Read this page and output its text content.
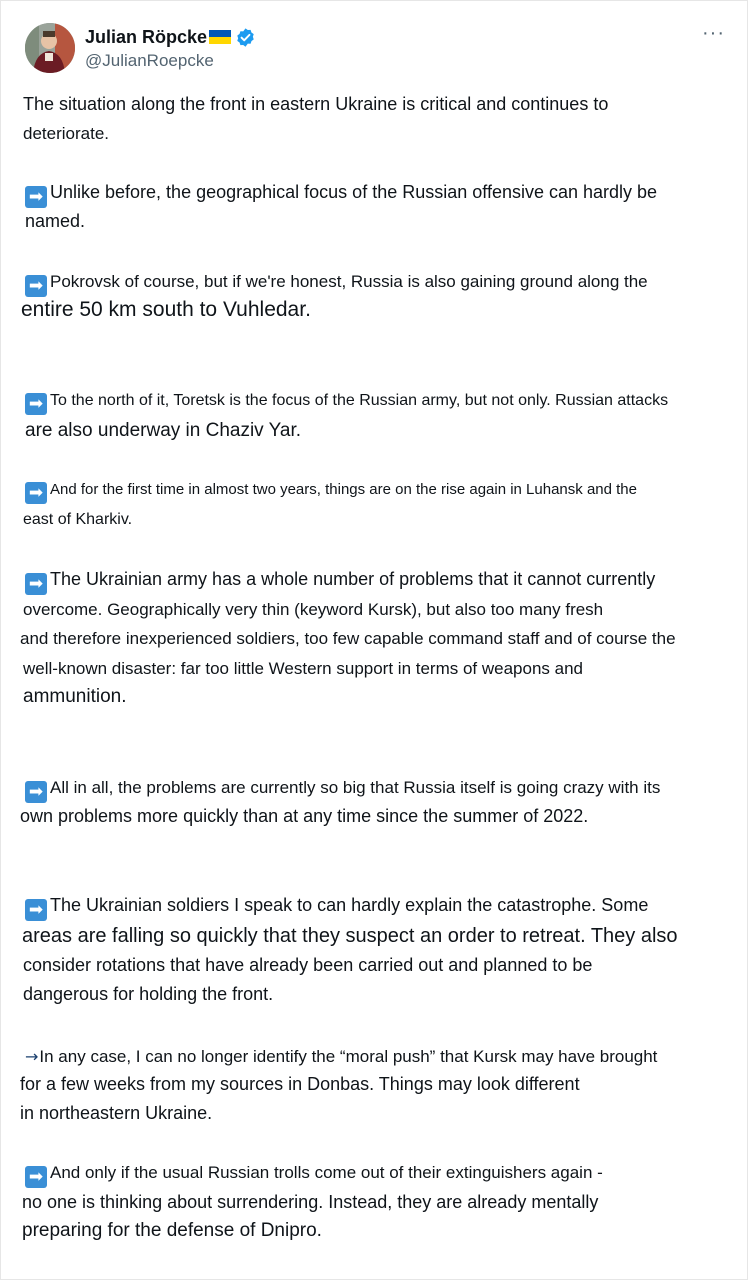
Julian Röpcke
@JulianRoepcke
···
The situation along the front in eastern Ukraine is critical and continues to
deteriorate.
➡ Unlike before, the geographical focus of the Russian offensive can hardly be
named.
➡ Pokrovsk of course, but if we're honest, Russia is also gaining ground along the
entire 50 km south to Vuhledar.
➡ To the north of it, Toretsk is the focus of the Russian army, but not only. Russian attacks
are also underway in Chaziv Yar.
➡ And for the first time in almost two years, things are on the rise again in Luhansk and the
east of Kharkiv.
➡ The Ukrainian army has a whole number of problems that it cannot currently
overcome. Geographically very thin (keyword Kursk), but also too many fresh
and therefore inexperienced soldiers, too few capable command staff and of course the
well-known disaster: far too little Western support in terms of weapons and
ammunition.
➡ All in all, the problems are currently so big that Russia itself is going crazy with its
own problems more quickly than at any time since the summer of 2022.
➡ The Ukrainian soldiers I speak to can hardly explain the catastrophe. Some
areas are falling so quickly that they suspect an order to retreat. They also
consider rotations that have already been carried out and planned to be
dangerous for holding the front.
→In any case, I can no longer identify the “moral push” that Kursk may have brought
for a few weeks from my sources in Donbas. Things may look different
in northeastern Ukraine.
➡ And only if the usual Russian trolls come out of their extinguishers again -
no one is thinking about surrendering. Instead, they are already mentally
preparing for the defense of Dnipro.
